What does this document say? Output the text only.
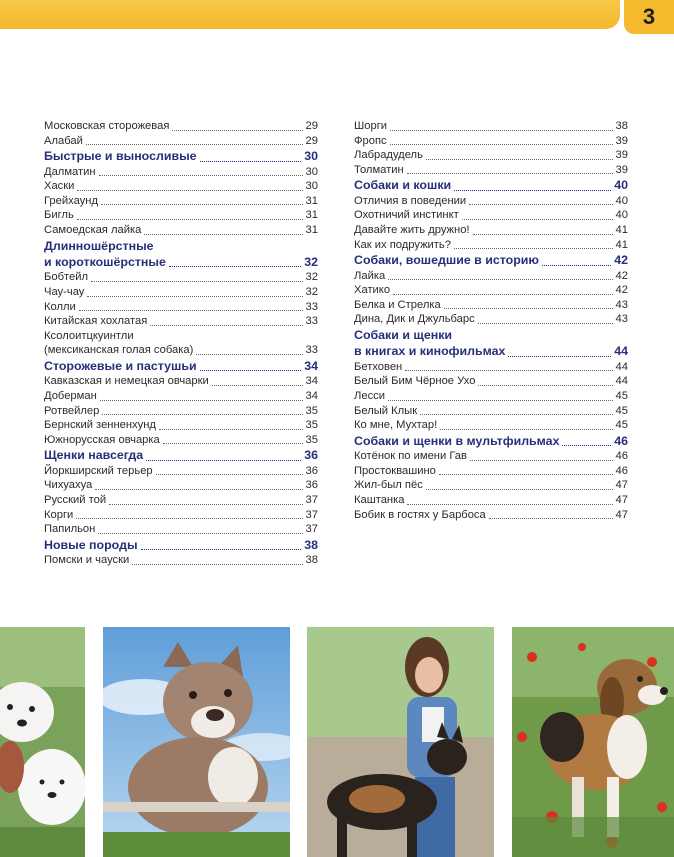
3
Московская сторожевая	29
Алабай	29
Быстрые и выносливые	30
Далматин	30
Хаски	30
Грейхаунд	31
Бигль	31
Самоедская лайка	31
Длинношёрстные
и короткошёрстные	32
Бобтейл	32
Чау-чау	32
Колли	33
Китайская хохлатая	33
Ксолоитцкуинтли
(мексиканская голая собака)	33
Сторожевые и пастушьи	34
Кавказская и немецкая овчарки	34
Доберман	34
Ротвейлер	35
Бернский зенненхунд	35
Южнорусская овчарка	35
Щенки навсегда	36
Йоркширский терьер	36
Чихуахуа	36
Русский той	37
Корги	37
Папильон	37
Новые породы	38
Помски и чауски	38
Шорги	38
Фропс	39
Лабрадудель	39
Толматин	39
Собаки и кошки	40
Отличия в поведении	40
Охотничий инстинкт	40
Давайте жить дружно!	41
Как их подружить?	41
Собаки, вошедшие в историю	42
Лайка	42
Хатико	42
Белка и Стрелка	43
Дина, Дик и Джульбарс	43
Собаки и щенки
в книгах и кинофильмах	44
Бетховен	44
Белый Бим Чёрное Ухо	44
Лесси	45
Белый Клык	45
Ко мне, Мухтар!	45
Собаки и щенки в мультфильмах	46
Котёнок по имени Гав	46
Простоквашино	46
Жил-был пёс	47
Каштанка	47
Бобик в гостях у Барбоса	47
